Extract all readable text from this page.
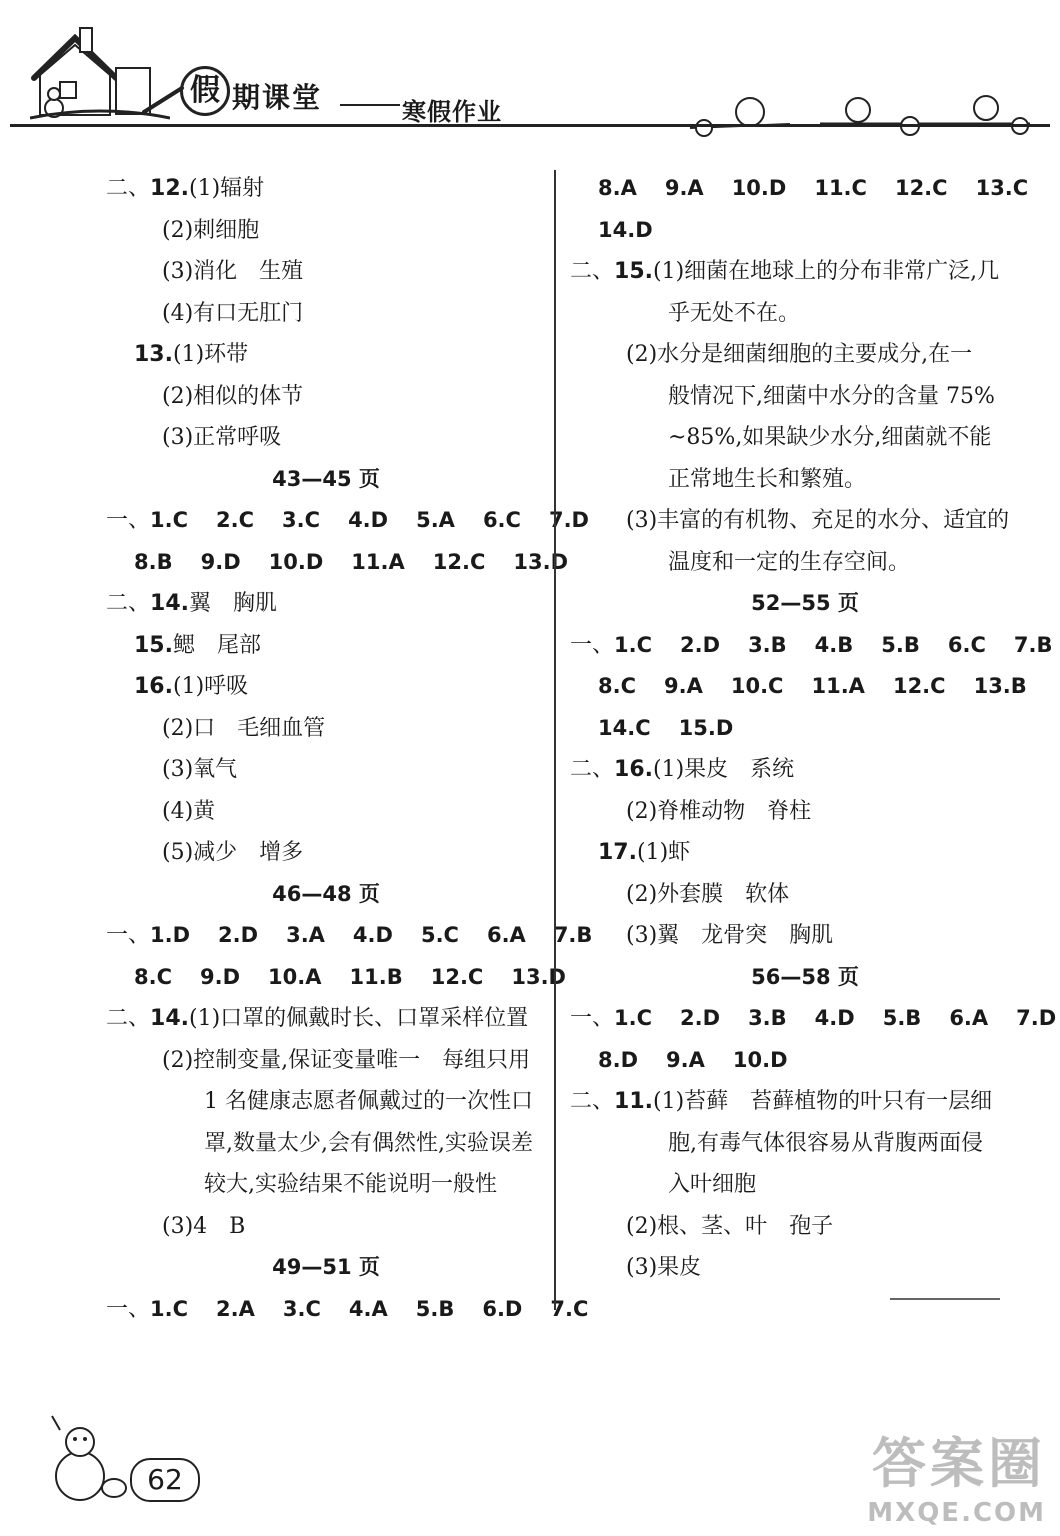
假 期课堂	寒假作业
二、12.(1)辐射
(2)刺细胞
(3)消化　生殖
(4)有口无肛门
13.(1)环带
(2)相似的体节
(3)正常呼吸
43—45 页
一、1.C 2.C 3.C 4.D 5.A 6.C 7.D
8.B 9.D 10.D 11.A 12.C 13.D
二、14.翼　胸肌
15.鳃　尾部
16.(1)呼吸
(2)口　毛细血管
(3)氧气
(4)黄
(5)减少　增多
46—48 页
一、1.D 2.D 3.A 4.D 5.C 6.A 7.B
8.C 9.D 10.A 11.B 12.C 13.D
二、14.(1)口罩的佩戴时长、口罩采样位置
(2)控制变量,保证变量唯一　每组只用
1 名健康志愿者佩戴过的一次性口
罩,数量太少,会有偶然性,实验误差
较大,实验结果不能说明一般性
(3)4　B
49—51 页
一、1.C 2.A 3.C 4.A 5.B 6.D 7.C
8.A 9.A 10.D 11.C 12.C 13.C
14.D
二、15.(1)细菌在地球上的分布非常广泛,几
乎无处不在。
(2)水分是细菌细胞的主要成分,在一
般情况下,细菌中水分的含量 75%
~85%,如果缺少水分,细菌就不能
正常地生长和繁殖。
(3)丰富的有机物、充足的水分、适宜的
温度和一定的生存空间。
52—55 页
一、1.C 2.D 3.B 4.B 5.B 6.C 7.B
8.C 9.A 10.C 11.A 12.C 13.B
14.C 15.D
二、16.(1)果皮　系统
(2)脊椎动物　脊柱
17.(1)虾
(2)外套膜　软体
(3)翼　龙骨突　胸肌
56—58 页
一、1.C 2.D 3.B 4.D 5.B 6.A 7.D
8.D 9.A 10.D
二、11.(1)苔藓　苔藓植物的叶只有一层细
胞,有毒气体很容易从背腹两面侵
入叶细胞
(2)根、茎、叶　孢子
(3)果皮
62	答案圈
MXQE.COM
